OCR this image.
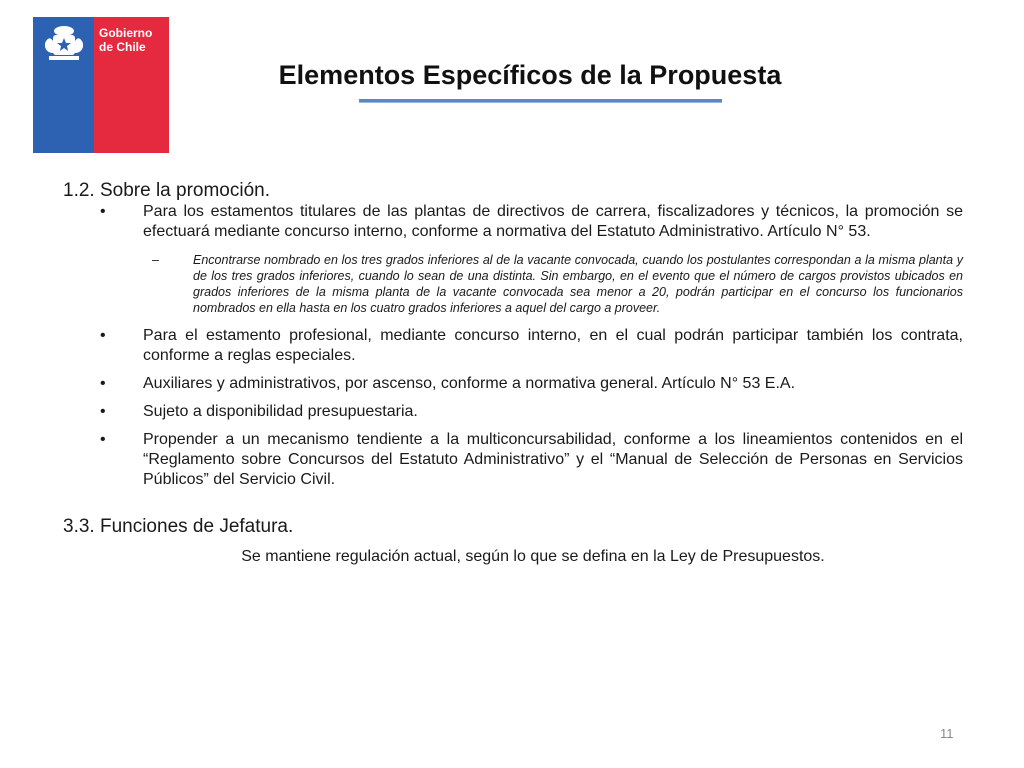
Gobierno
de Chile
Elementos Específicos de la Propuesta

1.2. Sobre la promoción.

• Para los estamentos titulares de las plantas de directivos de carrera, fiscalizadores y técnicos, la promoción se efectuará mediante concurso interno, conforme a normativa del Estatuto Administrativo. Artículo N° 53.
–	Encontrarse nombrado en los tres grados inferiores al de la vacante convocada, cuando los postulantes correspondan a la misma planta y de los tres grados inferiores, cuando lo sean de una distinta. Sin embargo, en el evento que el número de cargos provistos ubicados en grados inferiores de la misma planta de la vacante convocada sea menor a 20, podrán participar en el concurso los funcionarios nombrados en ella hasta en los cuatro grados inferiores a aquel del cargo a proveer.
• Para el estamento profesional, mediante concurso interno, en el cual podrán participar también los contrata, conforme a reglas especiales.
• Auxiliares y administrativos, por ascenso, conforme a normativa general. Artículo N° 53 E.A.
• Sujeto a disponibilidad presupuestaria.
• Propender a un mecanismo tendiente a la multiconcursabilidad, conforme a los lineamientos contenidos en el “Reglamento sobre Concursos del Estatuto Administrativo” y el “Manual de Selección de Personas en Servicios Públicos” del Servicio Civil.

3.3. Funciones de Jefatura.

Se mantiene regulación actual, según lo que se defina en la Ley de Presupuestos.
11
